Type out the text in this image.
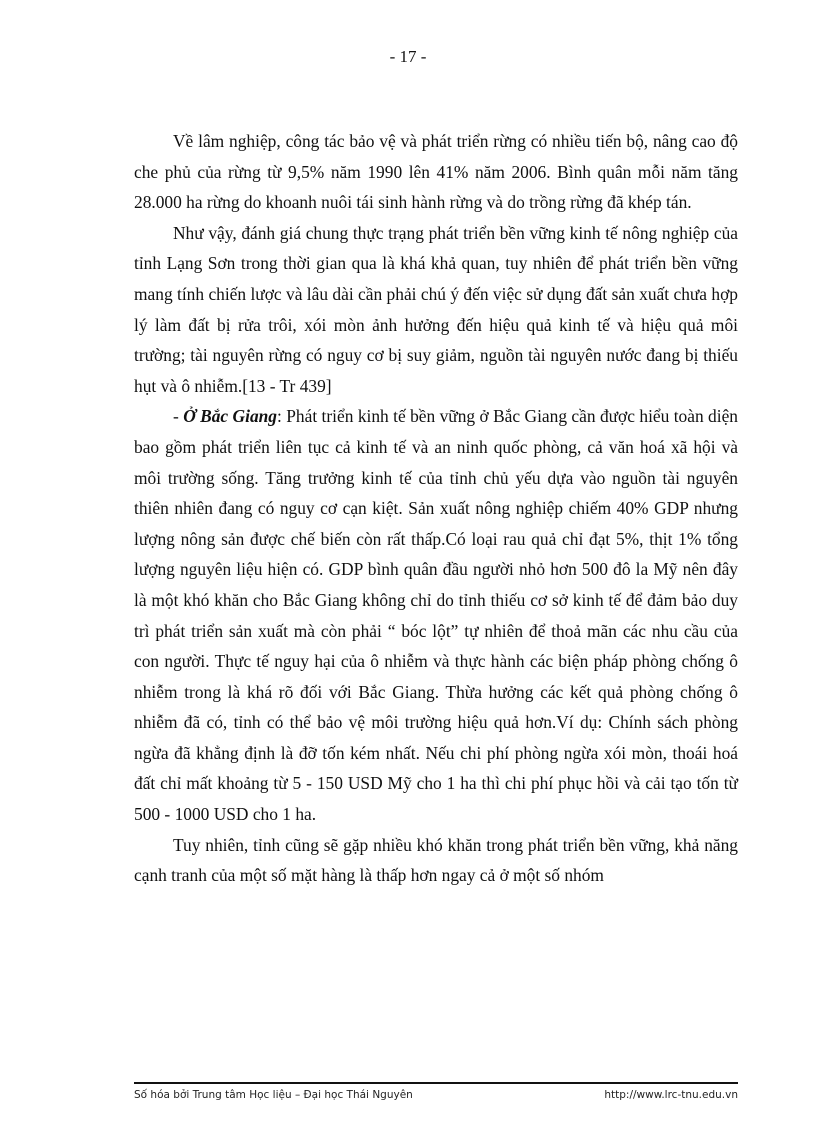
- 17 -

Về lâm nghiệp, công tác bảo vệ và phát triển rừng có nhiều tiến bộ, nâng cao độ che phủ của rừng từ 9,5% năm 1990 lên 41% năm 2006. Bình quân mỗi năm tăng 28.000 ha rừng do khoanh nuôi tái sinh hành rừng và do trồng rừng đã khép tán.

Như vậy, đánh giá chung thực trạng phát triển bền vững kinh tế nông nghiệp của tỉnh Lạng Sơn trong thời gian qua là khá khả quan, tuy nhiên để phát triển bền vững mang tính chiến lược và lâu dài cần phải chú ý đến việc sử dụng đất sản xuất chưa hợp lý làm đất bị rửa trôi, xói mòn ảnh hưởng đến hiệu quả kinh tế và hiệu quả môi trường; tài nguyên rừng có nguy cơ bị suy giảm, nguồn tài nguyên nước đang bị thiếu hụt và ô nhiễm.[13 - Tr 439]

- Ở Bắc Giang: Phát triển kinh tế bền vững ở Bắc Giang cần được hiểu toàn diện bao gồm phát triển liên tục cả kinh tế và an ninh quốc phòng, cả văn hoá xã hội và môi trường sống. Tăng trưởng kinh tế của tỉnh chủ yếu dựa vào nguồn tài nguyên thiên nhiên đang có nguy cơ cạn kiệt. Sản xuất nông nghiệp chiếm 40% GDP nhưng lượng nông sản được chế biến còn rất thấp.Có loại rau quả chỉ đạt 5%, thịt 1% tổng lượng nguyên liệu hiện có. GDP bình quân đầu người nhỏ hơn 500 đô la Mỹ nên đây là một khó khăn cho Bắc Giang không chỉ do tỉnh thiếu cơ sở kinh tế để đảm bảo duy trì phát triển sản xuất mà còn phải “ bóc lột” tự nhiên để thoả mãn các nhu cầu của con người. Thực tế nguy hại của ô nhiễm và thực hành các biện pháp phòng chống ô nhiễm trong là khá rõ đối với Bắc Giang. Thừa hưởng các kết quả phòng chống ô nhiễm đã có, tỉnh có thể bảo vệ môi trường hiệu quả hơn.Ví dụ: Chính sách phòng ngừa đã khẳng định là đỡ tốn kém nhất. Nếu chi phí phòng ngừa xói mòn, thoái hoá đất chỉ mất khoảng từ 5 - 150 USD Mỹ cho 1 ha thì chi phí phục hồi và cải tạo tốn từ 500 - 1000 USD cho 1 ha.

Tuy nhiên, tỉnh cũng sẽ gặp nhiều khó khăn trong phát triển bền vững, khả năng cạnh tranh của một số mặt hàng là thấp hơn ngay cả ở một số nhóm

Số hóa bởi Trung tâm Học liệu – Đại học Thái Nguyên	http://www.lrc-tnu.edu.vn
